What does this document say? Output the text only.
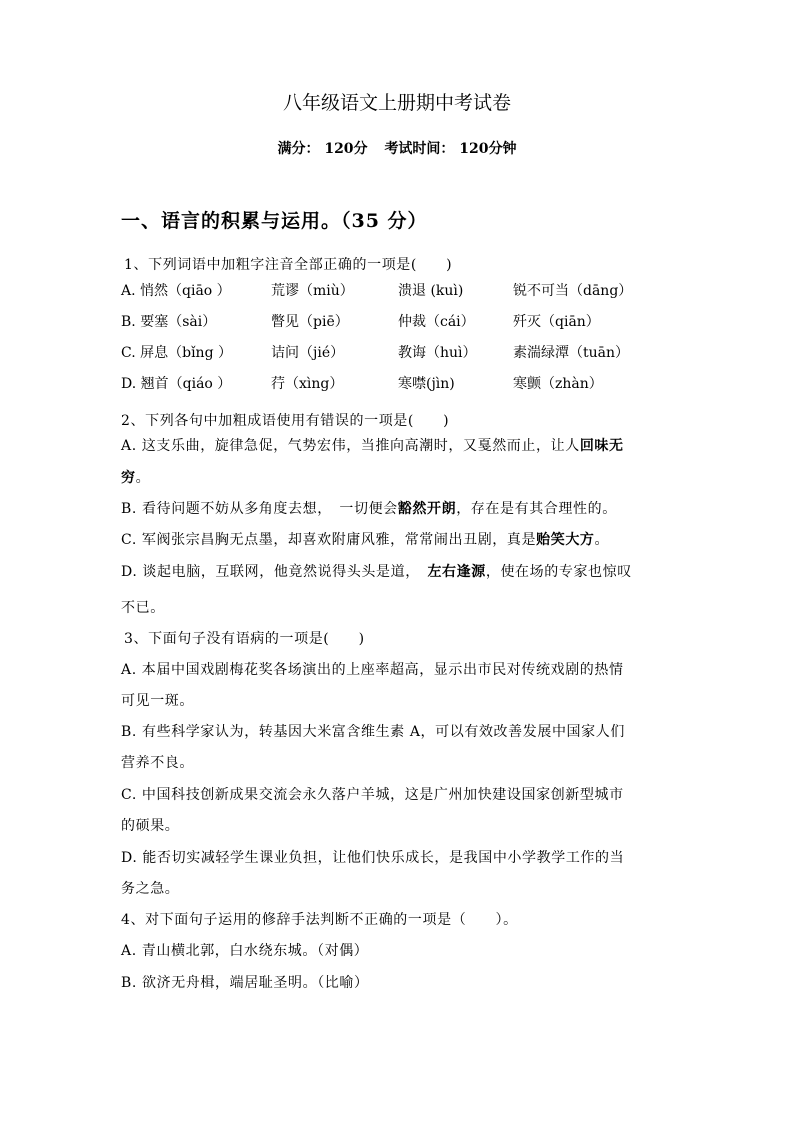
八年级语文上册期中考试卷
满分： 120分 考试时间： 120分钟
一、语言的积累与运用。（35 分）
1、下列词语中加粗字注音全部正确的一项是(　　)
A. 悄然（qiāo ）	荒谬（miù）	溃退 (kuì)	锐不可当（dāng）
B. 要塞（sài）	瞥见（piē）	仲裁（cái）	歼灭（qiān）
C. 屏息（bǐng ）	诘问（jié）	教诲（huì）	素湍绿潭（tuān）
D. 翘首（qiáo ）	荇（xìng）	寒噤(jìn)	寒颤（zhàn）
2、下列各句中加粗成语使用有错误的一项是(　　)
A. 这支乐曲，旋律急促，气势宏伟，当推向高潮时，又戛然而止，让人回味无
穷。
B. 看待问题不妨从多角度去想，　一切便会豁然开朗，存在是有其合理性的。
C. 军阀张宗昌胸无点墨，却喜欢附庸风雅，常常闹出丑剧，真是贻笑大方。
D. 谈起电脑，互联网，他竟然说得头头是道，　左右逢源，使在场的专家也惊叹
不已。
3、下面句子没有语病的一项是(　　)
A. 本届中国戏剧梅花奖各场演出的上座率超高，显示出市民对传统戏剧的热情
可见一斑。
B. 有些科学家认为，转基因大米富含维生素 A，可以有效改善发展中国家人们
营养不良。
C. 中国科技创新成果交流会永久落户羊城，这是广州加快建设国家创新型城市
的硕果。
D. 能否切实减轻学生课业负担，让他们快乐成长，是我国中小学教学工作的当
务之急。
4、对下面句子运用的修辞手法判断不正确的一项是（　　）。
A. 青山横北郭，白水绕东城。（对偶）
B. 欲济无舟楫，端居耻圣明。（比喻）
